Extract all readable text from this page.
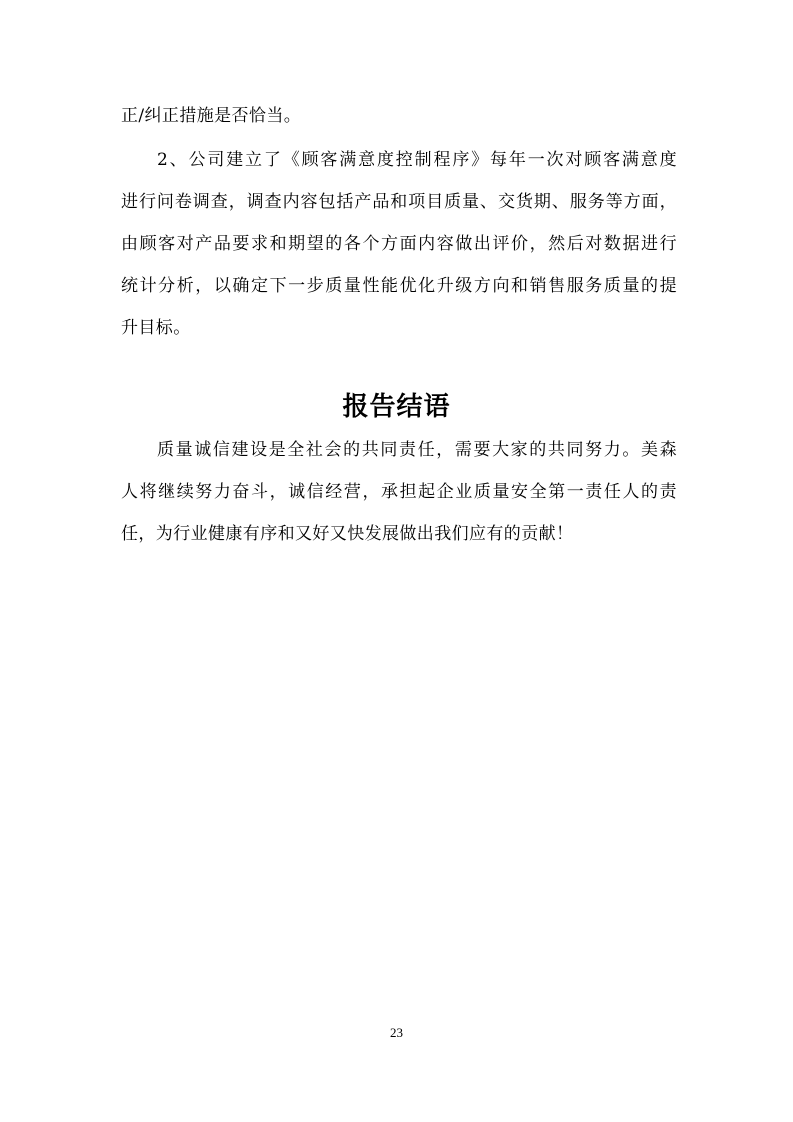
正/纠正措施是否恰当。
2、公司建立了《顾客满意度控制程序》每年一次对顾客满意度
进行问卷调查，调查内容包括产品和项目质量、交货期、服务等方面，
由顾客对产品要求和期望的各个方面内容做出评价，然后对数据进行
统计分析，以确定下一步质量性能优化升级方向和销售服务质量的提
升目标。
报告结语
质量诚信建设是全社会的共同责任，需要大家的共同努力。美森
人将继续努力奋斗，诚信经营，承担起企业质量安全第一责任人的责
任，为行业健康有序和又好又快发展做出我们应有的贡献！
23
